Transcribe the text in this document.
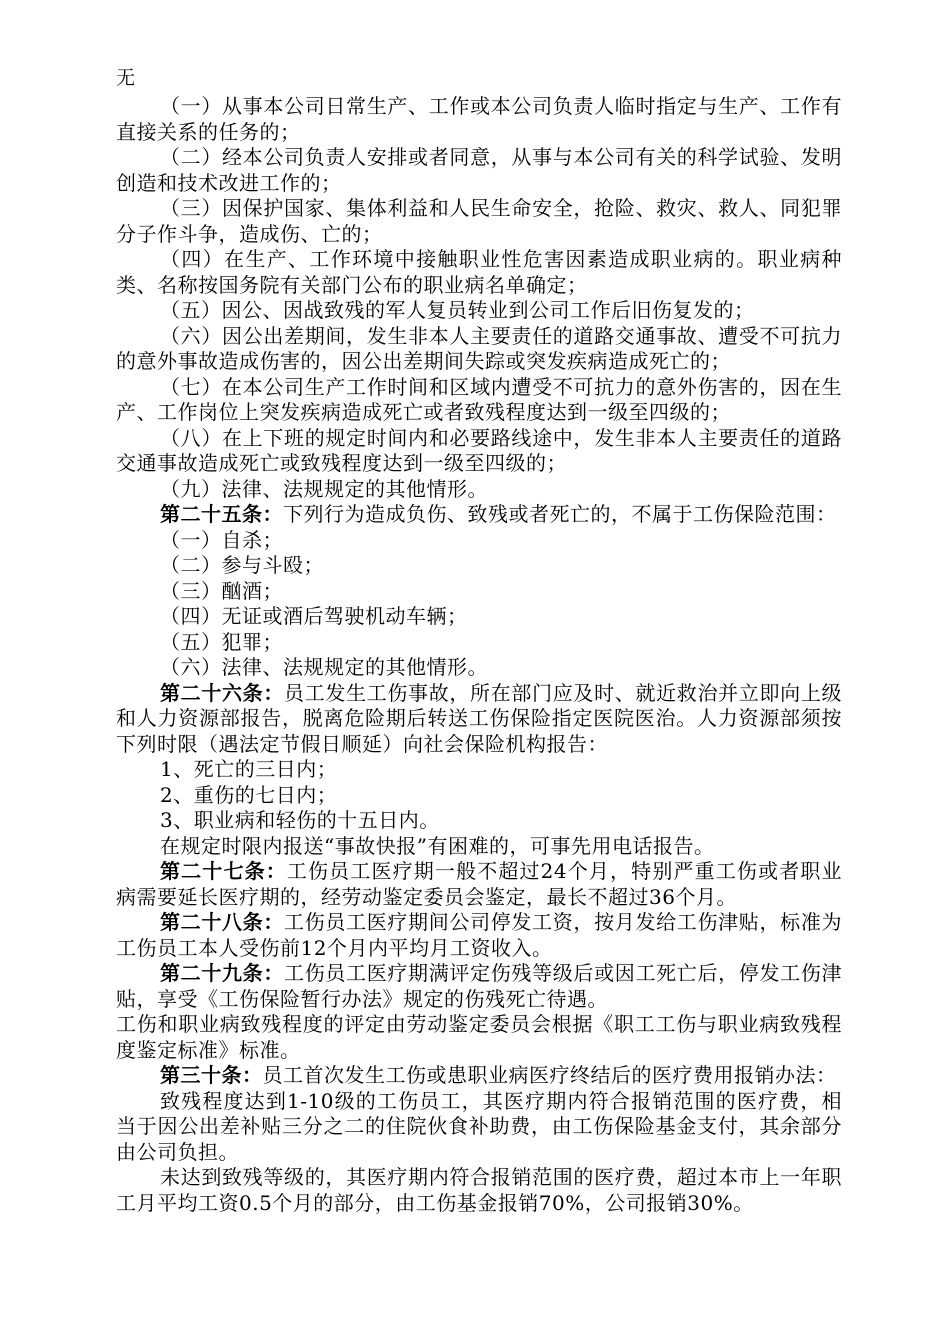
无

（一）从事本公司日常生产、工作或本公司负责人临时指定与生产、工作有直接关系的任务的；

（二）经本公司负责人安排或者同意，从事与本公司有关的科学试验、发明创造和技术改进工作的；

（三）因保护国家、集体利益和人民生命安全，抢险、救灾、救人、同犯罪分子作斗争，造成伤、亡的；

（四）在生产、工作环境中接触职业性危害因素造成职业病的。职业病种类、名称按国务院有关部门公布的职业病名单确定；

（五）因公、因战致残的军人复员转业到公司工作后旧伤复发的；

（六）因公出差期间，发生非本人主要责任的道路交通事故、遭受不可抗力的意外事故造成伤害的，因公出差期间失踪或突发疾病造成死亡的；

（七）在本公司生产工作时间和区域内遭受不可抗力的意外伤害的，因在生产、工作岗位上突发疾病造成死亡或者致残程度达到一级至四级的；

（八）在上下班的规定时间内和必要路线途中，发生非本人主要责任的道路交通事故造成死亡或致残程度达到一级至四级的；

（九）法律、法规规定的其他情形。

第二十五条：下列行为造成负伤、致残或者死亡的，不属于工伤保险范围：

（一）自杀；

（二）参与斗殴；

（三）酗酒；

（四）无证或酒后驾驶机动车辆；

（五）犯罪；

（六）法律、法规规定的其他情形。

第二十六条：员工发生工伤事故，所在部门应及时、就近救治并立即向上级和人力资源部报告，脱离危险期后转送工伤保险指定医院医治。人力资源部须按下列时限（遇法定节假日顺延）向社会保险机构报告：

1、死亡的三日内；

2、重伤的七日内；

3、职业病和轻伤的十五日内。

在规定时限内报送“事故快报”有困难的，可事先用电话报告。

第二十七条：工伤员工医疗期一般不超过24个月，特别严重工伤或者职业病需要延长医疗期的，经劳动鉴定委员会鉴定，最长不超过36个月。

第二十八条：工伤员工医疗期间公司停发工资，按月发给工伤津贴，标准为工伤员工本人受伤前12个月内平均月工资收入。

第二十九条：工伤员工医疗期满评定伤残等级后或因工死亡后，停发工伤津贴，享受《工伤保险暂行办法》规定的伤残死亡待遇。

工伤和职业病致残程度的评定由劳动鉴定委员会根据《职工工伤与职业病致残程度鉴定标准》标准。

第三十条：员工首次发生工伤或患职业病医疗终结后的医疗费用报销办法：

致残程度达到1-10级的工伤员工，其医疗期内符合报销范围的医疗费，相当于因公出差补贴三分之二的住院伙食补助费，由工伤保险基金支付，其余部分由公司负担。

未达到致残等级的，其医疗期内符合报销范围的医疗费，超过本市上一年职工月平均工资0.5个月的部分，由工伤基金报销70%，公司报销30%。
